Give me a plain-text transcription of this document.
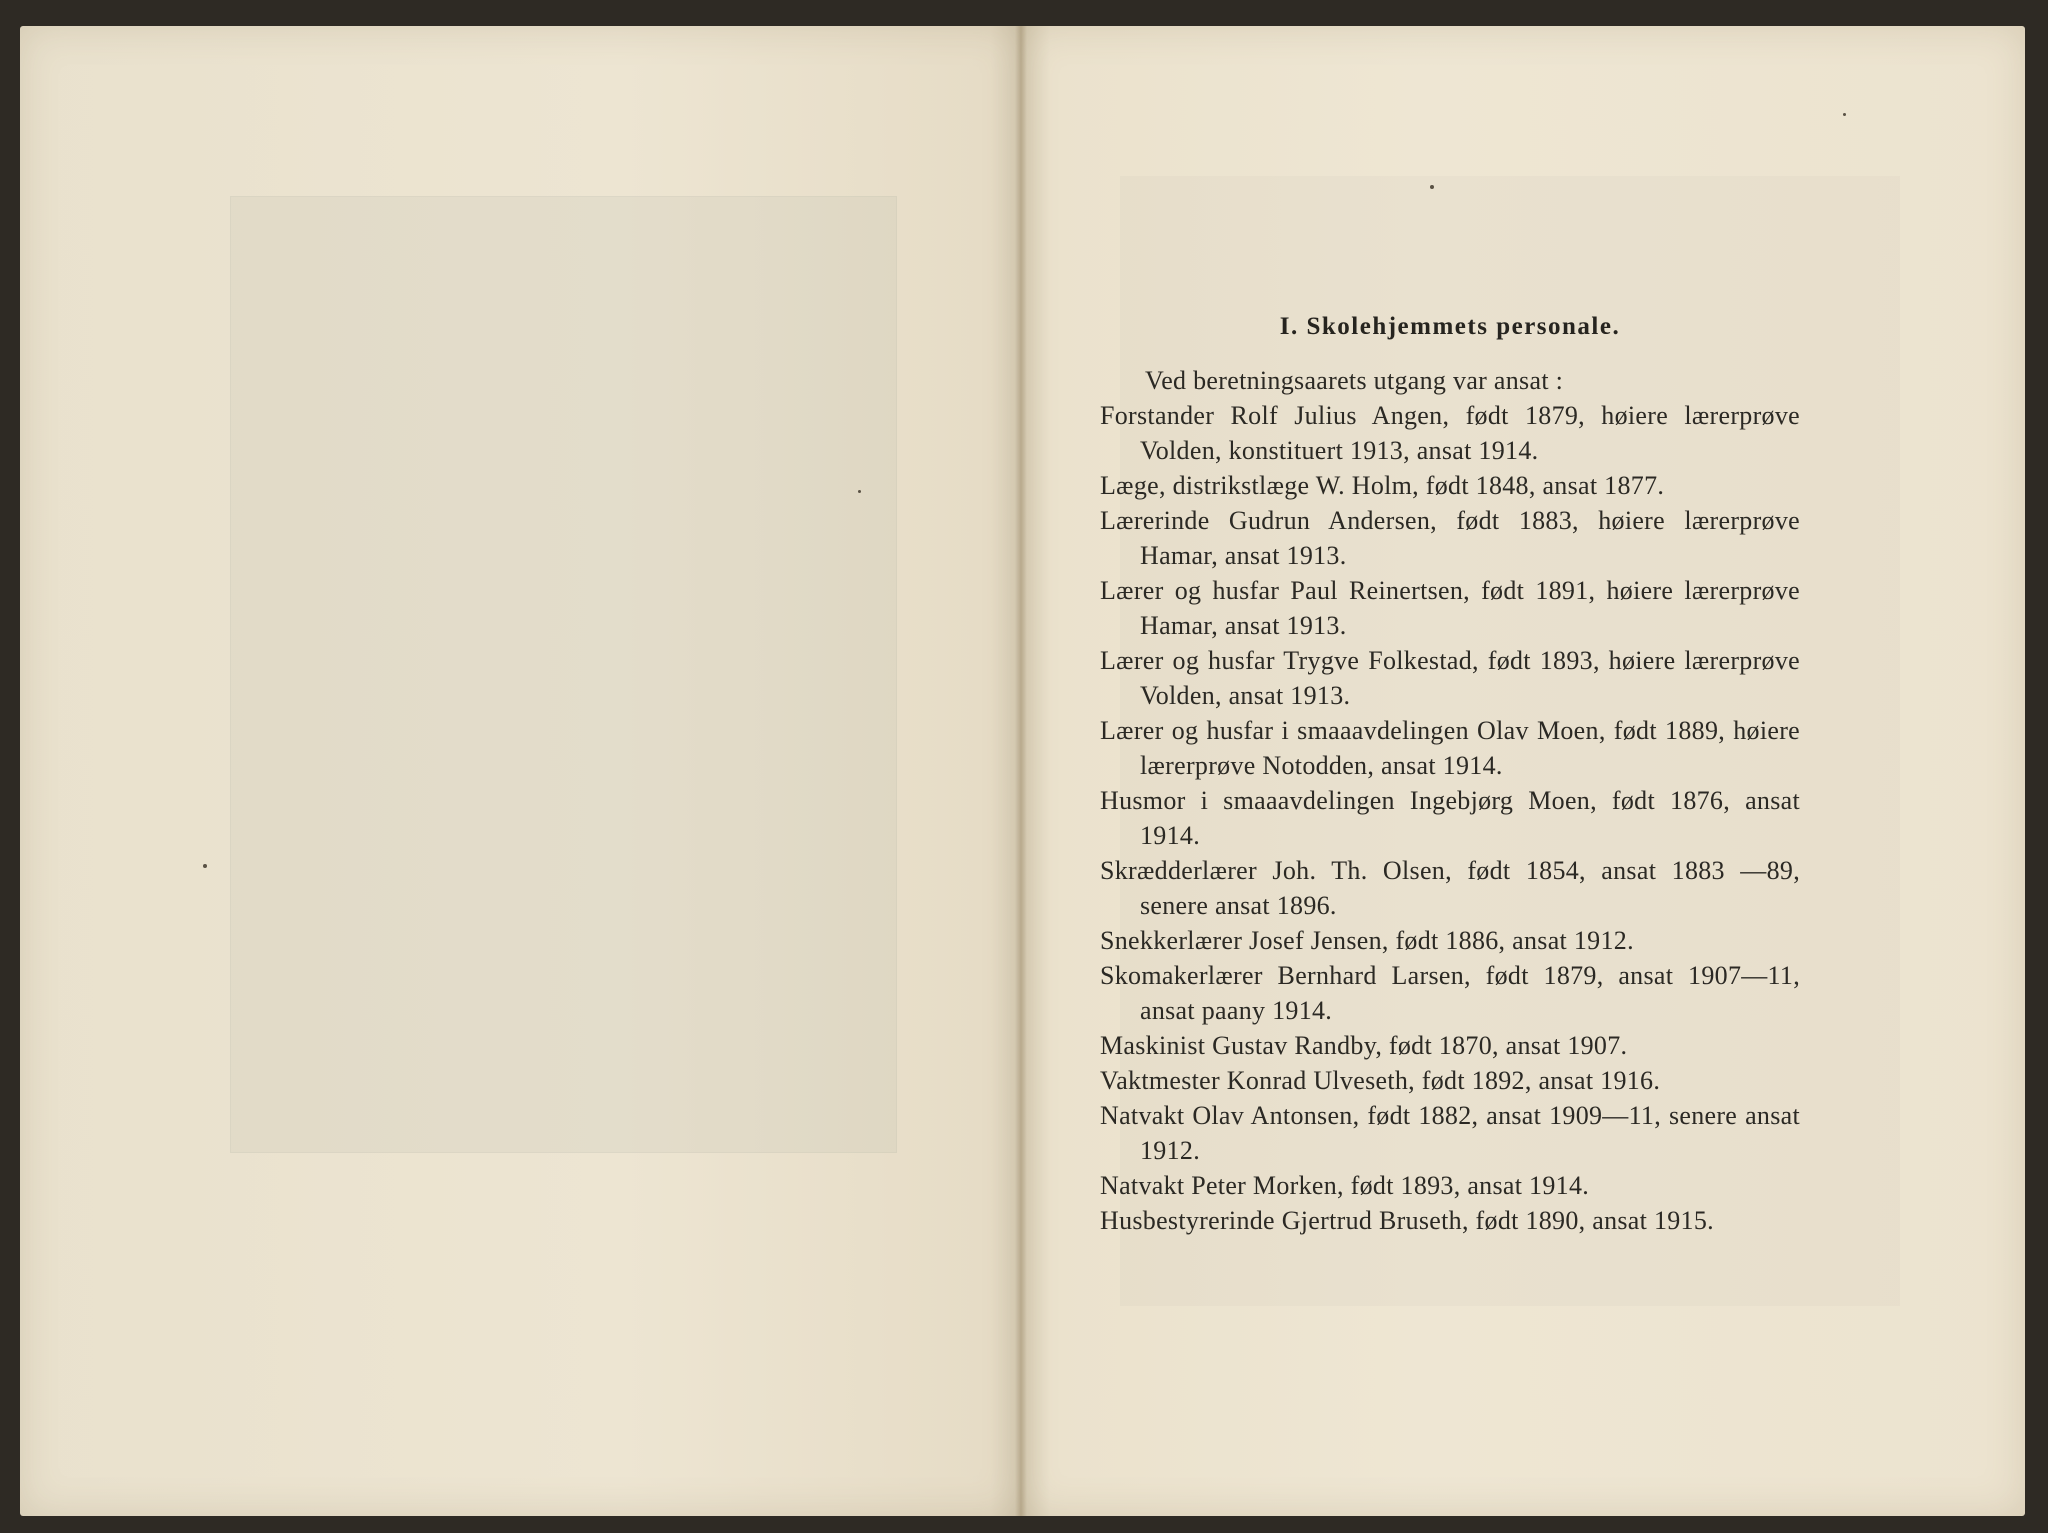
I. Skolehjemmets personale.

Ved beretningsaarets utgang var ansat :

Forstander Rolf Julius Angen, født 1879, høiere lærerprøve Volden, konstituert 1913, ansat 1914.

Læge, distrikstlæge W. Holm, født 1848, ansat 1877.

Lærerinde Gudrun Andersen, født 1883, høiere lærerprøve Hamar, ansat 1913.

Lærer og husfar Paul Reinertsen, født 1891, høiere lærerprøve Hamar, ansat 1913.

Lærer og husfar Trygve Folkestad, født 1893, høiere lærerprøve Volden, ansat 1913.

Lærer og husfar i smaaavdelingen Olav Moen, født 1889, høiere lærerprøve Notodden, ansat 1914.

Husmor i smaaavdelingen Ingebjørg Moen, født 1876, ansat 1914.

Skrædderlærer Joh. Th. Olsen, født 1854, ansat 1883 —89, senere ansat 1896.

Snekkerlærer Josef Jensen, født 1886, ansat 1912.

Skomakerlærer Bernhard Larsen, født 1879, ansat 1907—11, ansat paany 1914.

Maskinist Gustav Randby, født 1870, ansat 1907.

Vaktmester Konrad Ulveseth, født 1892, ansat 1916.

Natvakt Olav Antonsen, født 1882, ansat 1909—11, senere ansat 1912.

Natvakt Peter Morken, født 1893, ansat 1914.

Husbestyrerinde Gjertrud Bruseth, født 1890, ansat 1915.
